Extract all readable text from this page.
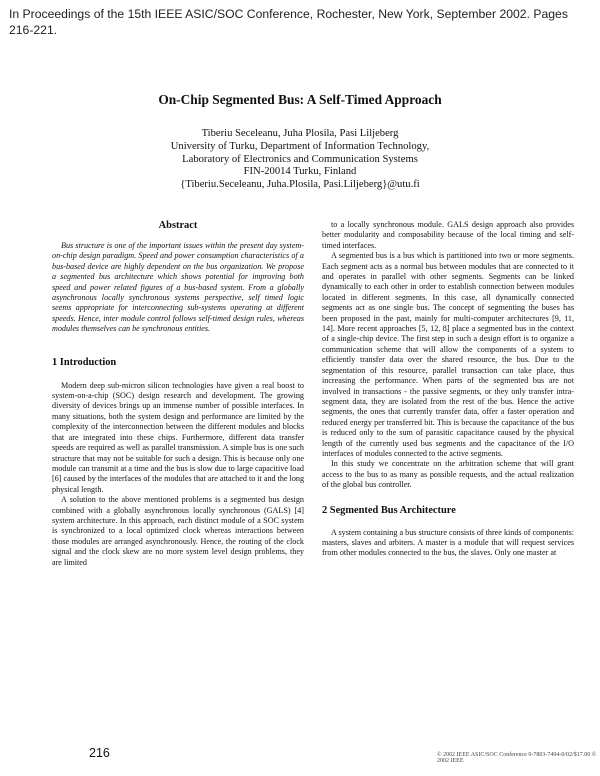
In Proceedings of the 15th IEEE ASIC/SOC Conference, Rochester, New York, September 2002. Pages 216-221.
On-Chip Segmented Bus: A Self-Timed Approach
Tiberiu Seceleanu, Juha Plosila, Pasi Liljeberg
University of Turku, Department of Information Technology,
Laboratory of Electronics and Communication Systems
FIN-20014 Turku, Finland
{Tiberiu.Seceleanu, Juha.Plosila, Pasi.Liljeberg}@utu.fi
Abstract

Bus structure is one of the important issues within the present day system-on-chip design paradigm. Speed and power consumption characteristics of a bus-based device are highly dependent on the bus organization. We propose a segmented bus architecture which shows potential for improving both speed and power related figures of a bus-based system. From a globally asynchronous locally synchronous systems perspective, self timed logic seems appropriate for interconnecting sub-systems operating at different speeds. Hence, inter module control follows self-timed design rules, whereas modules themselves can be synchronous entities.

1 Introduction

Modern deep sub-micron silicon technologies have given a real boost to system-on-a-chip (SOC) design research and development. The growing diversity of devices brings up an immense number of possible interfaces. In many situations, both the system design and performance are limited by the complexity of the interconnection between the different modules and blocks that are integrated into these chips. Furthermore, different data transfer speeds are required as well as parallel transmission. A simple bus is one such structure that may not be suitable for such a design. This is because only one module can transmit at a time and the bus is slow due to large capacitive load [6] caused by the interfaces of the modules that are attached to it and the long physical length.

A solution to the above mentioned problems is a segmented bus design combined with a globally asynchronous locally synchronous (GALS) [4] system architecture. In this approach, each distinct module of a SOC system is synchronized to a local optimized clock whereas interactions between those modules are arranged asynchronously. Hence, the routing of the clock signal and the clock skew are no more system level design problems, they are limited

to a locally synchronous module. GALS design approach also provides better modularity and composability because of the local timing and self-timed interfaces.

A segmented bus is a bus which is partitioned into two or more segments. Each segment acts as a normal bus between modules that are connected to it and operates in parallel with other segments. Segments can be linked dynamically to each other in order to establish connection between modules located in different segments. In this case, all dynamically connected segments act as one single bus. The concept of segmenting the buses has been proposed in the past, mainly for multi-computer architectures [9, 11, 14]. More recent approaches [5, 12, 8] place a segmented bus in the context of a single-chip device. The first step in such a design effort is to organize a communication scheme that will allow the components of a system to efficiently transfer data over the shared resource, the bus. Due to the segmentation of this resource, parallel transaction can take place, thus increasing the performance. When parts of the segmented bus are not involved in transactions - the passive segments, or they only transfer intra-segment data, they are isolated from the rest of the bus. Hence the active segments, the ones that currently transfer data, offer a faster operation and reduced energy per transferred bit. This is because the capacitance of the bus is reduced only to the sum of parasitic capacitance caused by the physical length of the currently used bus segments and the capacitance of the I/O interfaces of modules connected to the active segments.

In this study we concentrate on the arbitration scheme that will grant access to the bus to as many as possible requests, and the actual realization of the global bus controller.

2 Segmented Bus Architecture

A system containing a bus structure consists of three kinds of components: masters, slaves and arbiters. A master is a module that will request services from other modules connected to the bus, the slaves. Only one master at

216	© 2002 IEEE ASIC/SOC Conference 0-7803-7494-0/02/$17.00 © 2002 IEEE
